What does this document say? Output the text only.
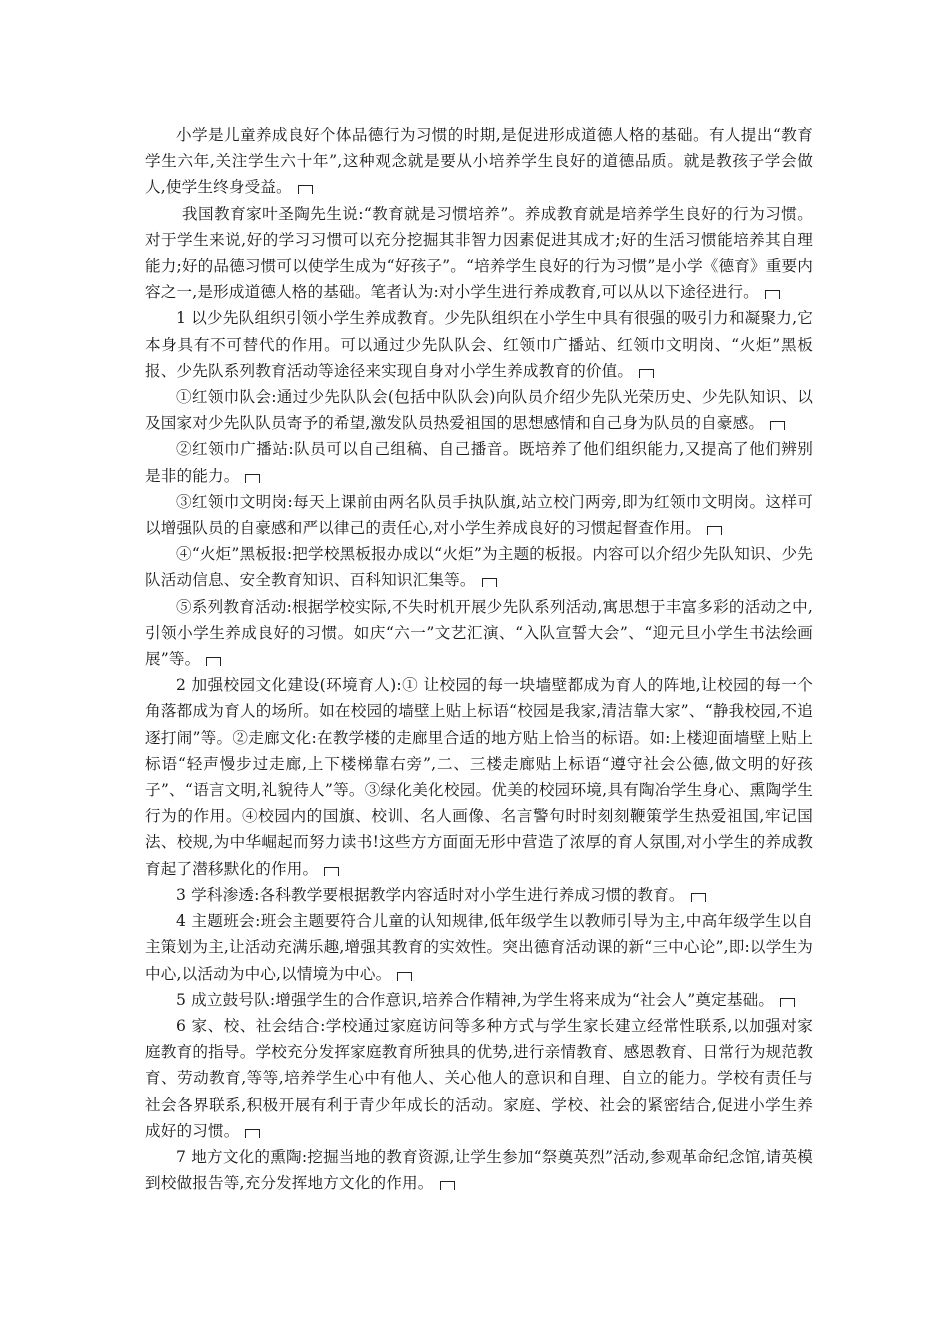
小学是儿童养成良好个体品德行为习惯的时期,是促进形成道德人格的基础。有人提出“教育学生六年,关注学生六十年”,这种观念就是要从小培养学生良好的道德品质。就是教孩子学会做人,使学生终身受益。

我国教育家叶圣陶先生说:“教育就是习惯培养”。养成教育就是培养学生良好的行为习惯。对于学生来说,好的学习习惯可以充分挖掘其非智力因素促进其成才;好的生活习惯能培养其自理能力;好的品德习惯可以使学生成为“好孩子”。“培养学生良好的行为习惯”是小学《德育》重要内容之一,是形成道德人格的基础。笔者认为:对小学生进行养成教育,可以从以下途径进行。

1 以少先队组织引领小学生养成教育。少先队组织在小学生中具有很强的吸引力和凝聚力,它本身具有不可替代的作用。可以通过少先队队会、红领巾广播站、红领巾文明岗、“火炬”黑板报、少先队系列教育活动等途径来实现自身对小学生养成教育的价值。

①红领巾队会:通过少先队队会(包括中队队会)向队员介绍少先队光荣历史、少先队知识、以及国家对少先队队员寄予的希望,激发队员热爱祖国的思想感情和自己身为队员的自豪感。

②红领巾广播站:队员可以自己组稿、自己播音。既培养了他们组织能力,又提高了他们辨别是非的能力。

③红领巾文明岗:每天上课前由两名队员手执队旗,站立校门两旁,即为红领巾文明岗。这样可以增强队员的自豪感和严以律己的责任心,对小学生养成良好的习惯起督查作用。

④“火炬”黑板报:把学校黑板报办成以“火炬”为主题的板报。内容可以介绍少先队知识、少先队活动信息、安全教育知识、百科知识汇集等。

⑤系列教育活动:根据学校实际,不失时机开展少先队系列活动,寓思想于丰富多彩的活动之中,引领小学生养成良好的习惯。如庆“六一”文艺汇演、“入队宣誓大会”、“迎元旦小学生书法绘画展”等。

2 加强校园文化建设(环境育人):① 让校园的每一块墙壁都成为育人的阵地,让校园的每一个角落都成为育人的场所。如在校园的墙壁上贴上标语“校园是我家,清洁靠大家”、“静我校园,不追逐打闹”等。②走廊文化:在教学楼的走廊里合适的地方贴上恰当的标语。如:上楼迎面墙壁上贴上标语“轻声慢步过走廊,上下楼梯靠右旁”,二、三楼走廊贴上标语“遵守社会公德,做文明的好孩子”、“语言文明,礼貌待人”等。③绿化美化校园。优美的校园环境,具有陶冶学生身心、熏陶学生行为的作用。④校园内的国旗、校训、名人画像、名言警句时时刻刻鞭策学生热爱祖国,牢记国法、校规,为中华崛起而努力读书!这些方方面面无形中营造了浓厚的育人氛围,对小学生的养成教育起了潜移默化的作用。

3 学科渗透:各科教学要根据教学内容适时对小学生进行养成习惯的教育。

4 主题班会:班会主题要符合儿童的认知规律,低年级学生以教师引导为主,中高年级学生以自主策划为主,让活动充满乐趣,增强其教育的实效性。突出德育活动课的新“三中心论”,即:以学生为中心,以活动为中心,以情境为中心。

5 成立鼓号队:增强学生的合作意识,培养合作精神,为学生将来成为“社会人”奠定基础。

6 家、校、社会结合:学校通过家庭访问等多种方式与学生家长建立经常性联系,以加强对家庭教育的指导。学校充分发挥家庭教育所独具的优势,进行亲情教育、感恩教育、日常行为规范教育、劳动教育,等等,培养学生心中有他人、关心他人的意识和自理、自立的能力。学校有责任与社会各界联系,积极开展有利于青少年成长的活动。家庭、学校、社会的紧密结合,促进小学生养成好的习惯。

7 地方文化的熏陶:挖掘当地的教育资源,让学生参加“祭奠英烈”活动,参观革命纪念馆,请英模到校做报告等,充分发挥地方文化的作用。
